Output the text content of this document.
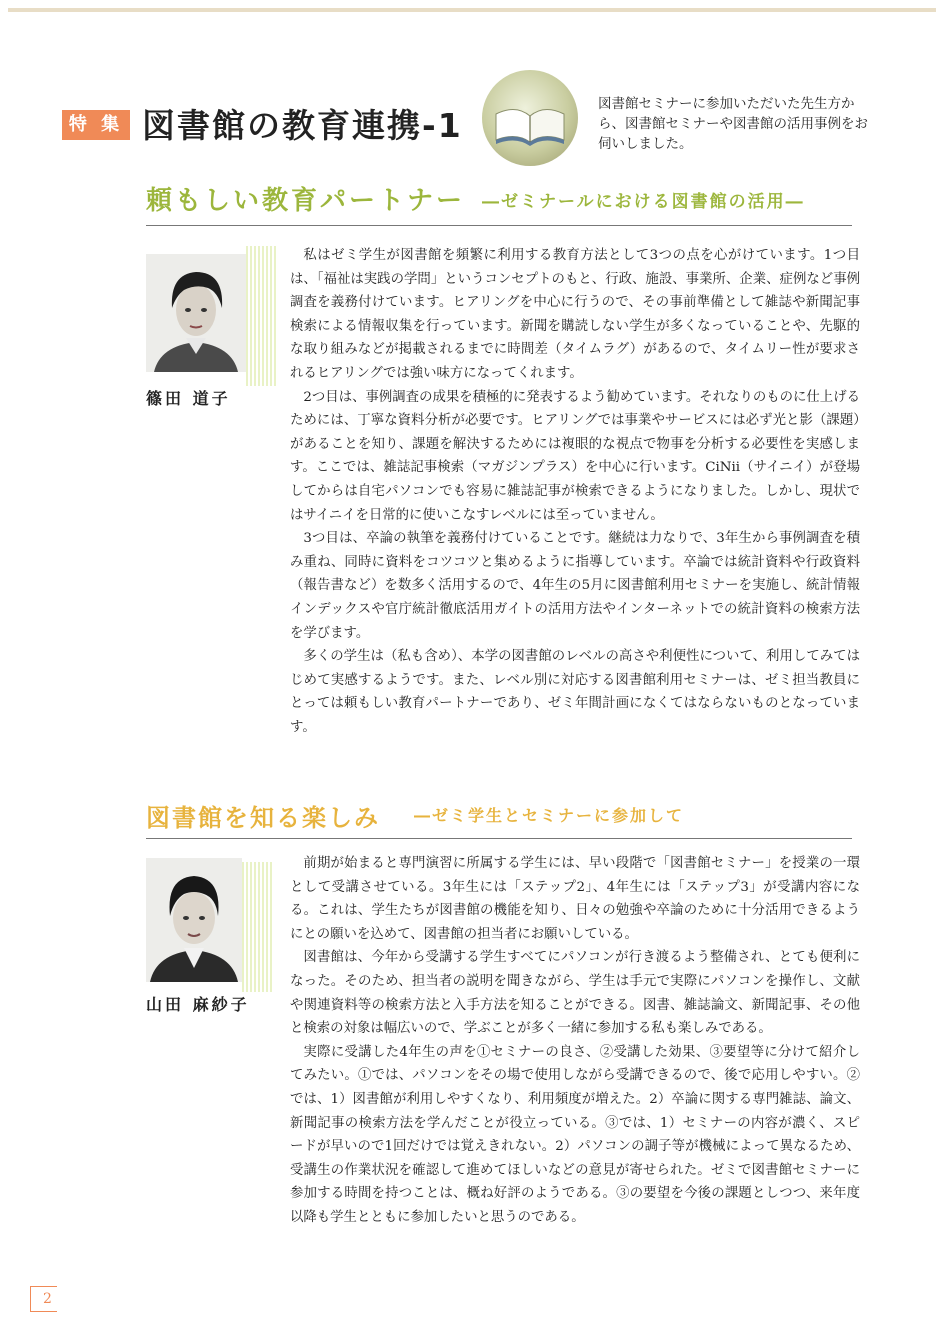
特 集 図書館の教育連携-1
図書館セミナーに参加いただいた先生方から、図書館セミナーや図書館の活用事例をお伺いしました。
頼もしい教育パートナー ―ゼミナールにおける図書館の活用―
篠田 道子

私はゼミ学生が図書館を頻繁に利用する教育方法として3つの点を心がけています。1つ目は、「福祉は実践の学問」というコンセプトのもと、行政、施設、事業所、企業、症例など事例調査を義務付けています。ヒアリングを中心に行うので、その事前準備として雑誌や新聞記事検索による情報収集を行っています。新聞を購読しない学生が多くなっていることや、先駆的な取り組みなどが掲載されるまでに時間差（タイムラグ）があるので、タイムリー性が要求されるヒアリングでは強い味方になってくれます。

2つ目は、事例調査の成果を積極的に発表するよう勧めています。それなりのものに仕上げるためには、丁寧な資料分析が必要です。ヒアリングでは事業やサービスには必ず光と影（課題）があることを知り、課題を解決するためには複眼的な視点で物事を分析する必要性を実感します。ここでは、雑誌記事検索（マガジンプラス）を中心に行います。CiNii（サイニイ）が登場してからは自宅パソコンでも容易に雑誌記事が検索できるようになりました。しかし、現状ではサイニイを日常的に使いこなすレベルには至っていません。

3つ目は、卒論の執筆を義務付けていることです。継続は力なりで、3年生から事例調査を積み重ね、同時に資料をコツコツと集めるように指導しています。卒論では統計資料や行政資料（報告書など）を数多く活用するので、4年生の5月に図書館利用セミナーを実施し、統計情報インデックスや官庁統計徹底活用ガイトの活用方法やインターネットでの統計資料の検索方法を学びます。

多くの学生は（私も含め）、本学の図書館のレベルの高さや利便性について、利用してみてはじめて実感するようです。また、レベル別に対応する図書館利用セミナーは、ゼミ担当教員にとっては頼もしい教育パートナーであり、ゼミ年間計画になくてはならないものとなっています。

図書館を知る楽しみ ―ゼミ学生とセミナーに参加して
山田 麻紗子

前期が始まると専門演習に所属する学生には、早い段階で「図書館セミナー」を授業の一環として受講させている。3年生には「ステップ2」、4年生には「ステップ3」が受講内容になる。これは、学生たちが図書館の機能を知り、日々の勉強や卒論のために十分活用できるようにとの願いを込めて、図書館の担当者にお願いしている。

図書館は、今年から受講する学生すべてにパソコンが行き渡るよう整備され、とても便利になった。そのため、担当者の説明を聞きながら、学生は手元で実際にパソコンを操作し、文献や関連資料等の検索方法と入手方法を知ることができる。図書、雑誌論文、新聞記事、その他と検索の対象は幅広いので、学ぶことが多く一緒に参加する私も楽しみである。

実際に受講した4年生の声を①セミナーの良さ、②受講した効果、③要望等に分けて紹介してみたい。①では、パソコンをその場で使用しながら受講できるので、後で応用しやすい。②では、1）図書館が利用しやすくなり、利用頻度が増えた。2）卒論に関する専門雑誌、論文、新聞記事の検索方法を学んだことが役立っている。③では、1）セミナーの内容が濃く、スピードが早いので1回だけでは覚えきれない。2）パソコンの調子等が機械によって異なるため、受講生の作業状況を確認して進めてほしいなどの意見が寄せられた。ゼミで図書館セミナーに参加する時間を持つことは、概ね好評のようである。③の要望を今後の課題としつつ、来年度以降も学生とともに参加したいと思うのである。

2
